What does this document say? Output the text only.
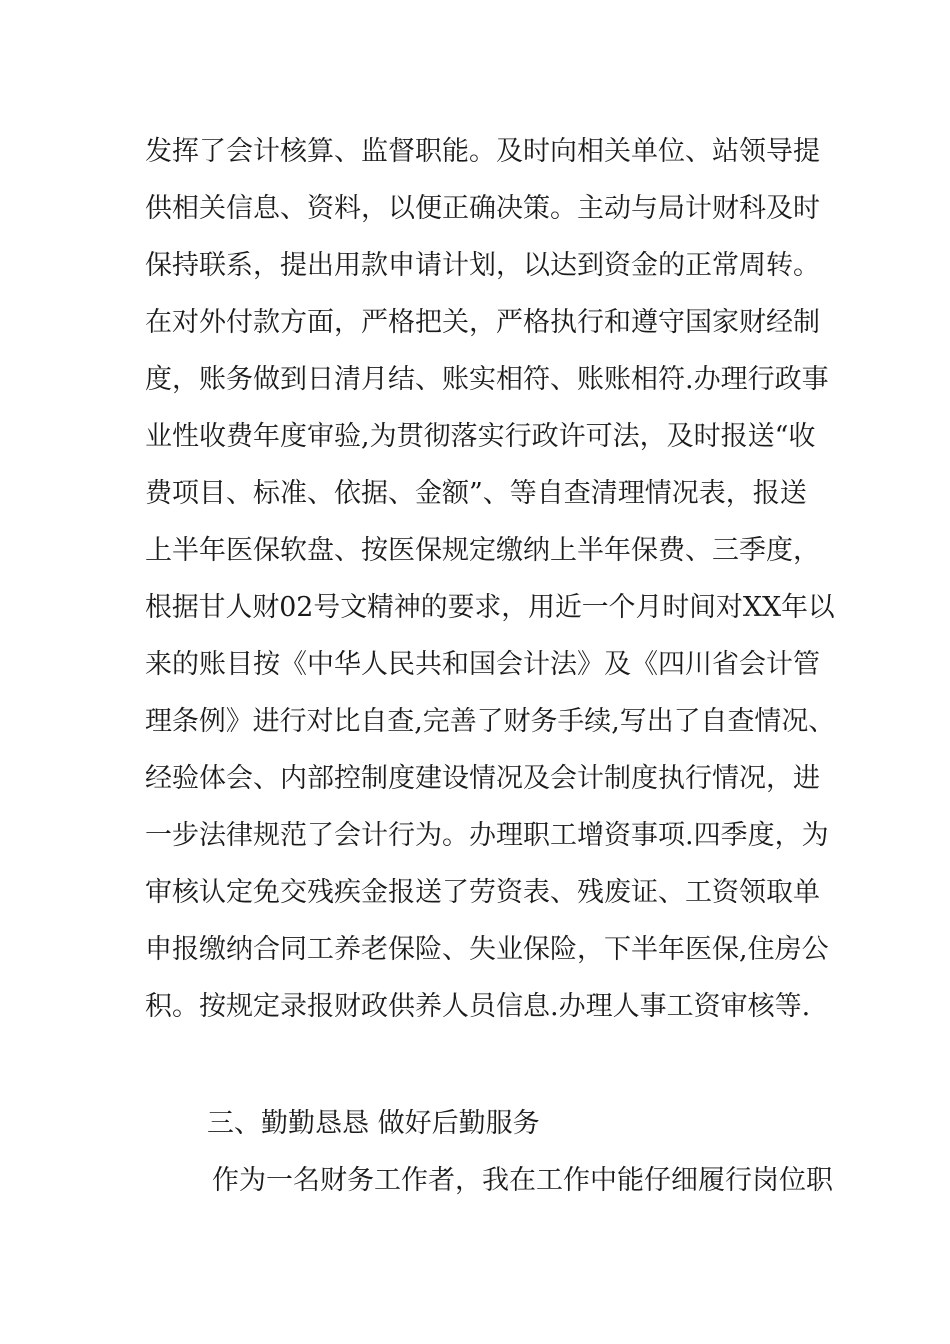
发挥了会计核算、监督职能。及时向相关单位、站领导提
供相关信息、资料，以便正确决策。主动与局计财科及时
保持联系，提出用款申请计划，以达到资金的正常周转。
在对外付款方面，严格把关，严格执行和遵守国家财经制
度，账务做到日清月结、账实相符、账账相符.办理行政事
业性收费年度审验,为贯彻落实行政许可法，及时报送“收
费项目、标准、依据、金额”、等自查清理情况表，报送
上半年医保软盘、按医保规定缴纳上半年保费、三季度，
根据甘人财02号文精神的要求，用近一个月时间对XX年以
来的账目按《中华人民共和国会计法》及《四川省会计管
理条例》进行对比自查,完善了财务手续,写出了自查情况、
经验体会、内部控制度建设情况及会计制度执行情况，进
一步法律规范了会计行为。办理职工增资事项.四季度，为
审核认定免交残疾金报送了劳资表、残废证、工资领取单
申报缴纳合同工养老保险、失业保险，下半年医保,住房公
积。按规定录报财政供养人员信息.办理人事工资审核等.
三、勤勤恳恳 做好后勤服务
作为一名财务工作者，我在工作中能仔细履行岗位职
